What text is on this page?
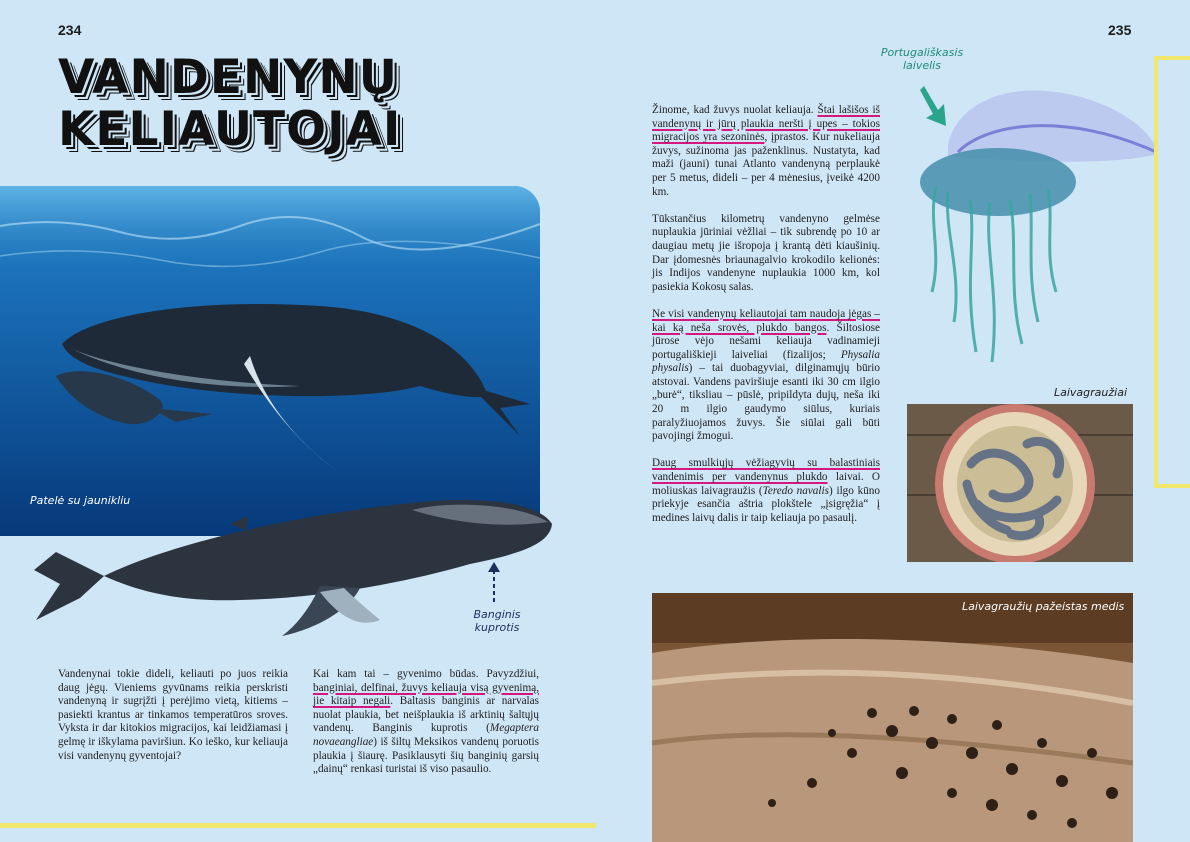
234	235
VANDENYNŲ
KELIAUTOJAI
Patelė su jaunikliu
Banginis kuprotis
Vandenynai tokie dideli, keliauti po juos reikia daug jėgų. Vieniems gyvūnams reikia perskristi vandenyną ir sugrįžti į perėjimo vietą, kitiems – pasiekti krantus ar tinkamos temperatūros sroves. Vyksta ir dar kitokios migracijos, kai leidžiamasi į gelmę ir iškylama paviršiun. Ko ieško, kur keliauja visi vandenynų gyventojai?
Kai kam tai – gyvenimo būdas. Pavyzdžiui, banginiai, delfinai, žuvys keliauja visą gyvenimą, jie kitaip negali. Baltasis banginis ar narvalas nuolat plaukia, bet neišplaukia iš arktinių šaltųjų vandenų. Banginis kuprotis (Megaptera novaeangliae) iš šiltų Meksikos vandenų poruotis plaukia į šiaurę. Pasiklausyti šių banginių garsių „dainų“ renkasi turistai iš viso pasaulio.

Žinome, kad žuvys nuolat keliauja. Štai lašišos iš vandenynų ir jūrų plaukia neršti į upes – tokios migracijos yra sezoninės, įprastos. Kur nukeliauja žuvys, sužinoma jas paženklinus. Nustatyta, kad maži (jauni) tunai Atlanto vandenyną perplaukė per 5 metus, dideli – per 4 mėnesius, įveikė 4200 km.

Tūkstančius kilometrų vandenyno gelmėse nuplaukia jūriniai vėžliai – tik subrendę po 10 ar daugiau metų jie išropoja į krantą dėti kiaušinių. Dar įdomesnės briaunagalvio krokodilo kelionės: jis Indijos vandenyne nuplaukia 1000 km, kol pasiekia Kokosų salas.

Ne visi vandenynų keliautojai tam naudoja jėgas – kai ką neša srovės, plukdo bangos. Šiltosiose jūrose vėjo nešami keliauja vadinamieji portugališkieji laiveliai (fizalijos; Physalia physalis) – tai duobagyviai, dilginamųjų būrio atstovai. Vandens paviršiuje esanti iki 30 cm ilgio „burė“, tiksliau – pūslė, pripildyta dujų, neša iki 20 m ilgio gaudymo siūlus, kuriais paralyžiuojamos žuvys. Šie siūlai gali būti pavojingi žmogui.

Daug smulkiųjų vėžiagyvių su balastiniais vandenimis per vandenynus plukdo laivai. O moliuskas laivagraužis (Teredo navalis) ilgo kūno priekyje esančia aštria plokštele „įsigręžia“ į medines laivų dalis ir taip keliauja po pasaulį.

Portugališkasis laivelis
Laivagraužiai
Laivagraužių pažeistas medis
